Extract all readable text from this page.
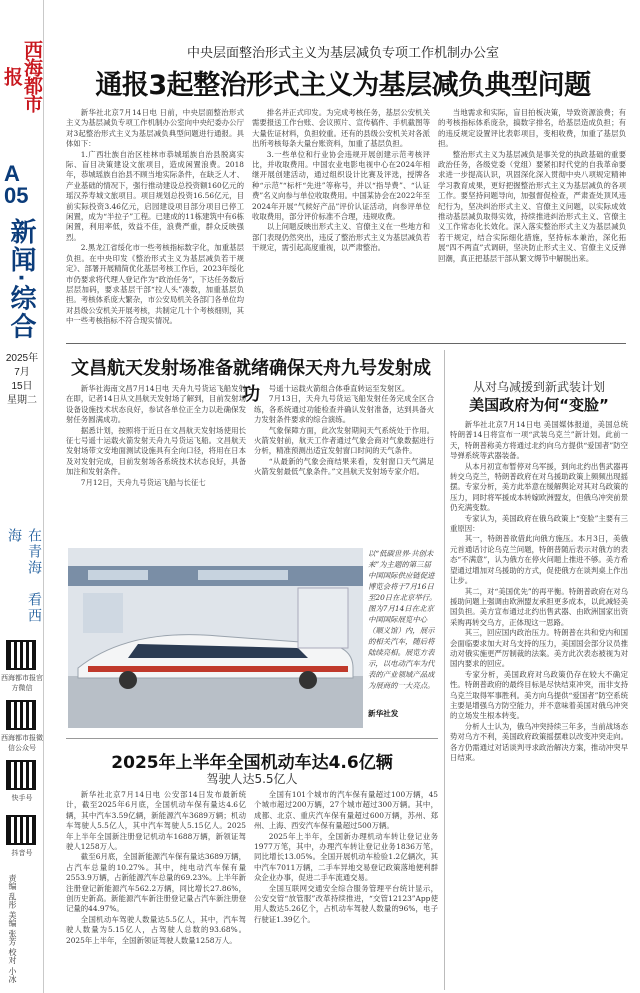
西海都市报
A 05
新闻·综合
2025年
7月
15日
星期二
在青海　看西海
西海都市报官方微信
西海都市报微信公众号
快手号
抖音号
责编 乱彤 美编 张芳 校对 小冰
中央层面整治形式主义为基层减负专项工作机制办公室
通报3起整治形式主义为基层减负典型问题

新华社北京7月14日电 日前，中央层面整治形式主义为基层减负专项工作机制办公室向中央纪委办公厅对3起整治形式主义为基层减负典型问题进行通报。具体如下：

1.广西壮族自治区桂林市恭城瑶族自治县脱离实际、盲目决策建设文旅项目，造成闲置浪费。2018年，恭城瑶族自治县不顾当地实际条件，在缺乏人才、产业基础的情况下，强行推动建设总投资额160亿元的瑶汉养寿城文旅项目。项目规划总投资16.56亿元，目前实际投资3.46亿元，启园建设项目部分项目已停工闲置，成为“半拉子”工程。已建成的11栋建筑中有6栋闲置，利用率低，效益不佳，浪费严重，群众反映强烈。

2.黑龙江省绥化市一些考核指标数字化，加重基层负担。在中央印发《整治形式主义为基层减负若干规定》、部署开展精简优化基层考核工作后，2023年绥化市仍要求将代理人登记作为“政治任务”，下达任务数后层层加码，要求基层干部“拉人头”凑数，加重基层负担。考核体系庞大繁杂，市公安局机关各部门各单位均对县级公安机关开展考核，共制定几十个考核细则，其中一些考核指标不符合现实情况。

排名并正式印发。为完成考核任务，基层公安机关需要报送工作台账、会议照片、宣传稿件、手机截图等大量佐证材料，负担较重。还有的县级公安机关对各派出所考核每条大量台账资料，加重了基层负担。

3.一些单位和行业协会违规开展创建示范考核评比，并收取费用。中国农业电影电视中心在2024年相继开展创建活动，通过组织设计比赛及评选，授牌各种“示范”“标杆“先进”等称号，并以“指导费”、“认证费”名义向参与单位收取费用。中国某协会在2022年至2024年开展“气候好产品”评价认证活动，向参评单位收取费用，部分评价标准不合理，违规收费。

以上问题反映出形式主义、官僚主义在一些地方和部门表现仍然突出，违反了整治形式主义为基层减负若干规定，需引起高度重视，以严肃整治。

当地需求和实际，盲目拍板决策，导致资源浪费；有的考核指标体系庞杂，搞数字排名，给基层造成负担；有的违反规定设置评比表彰项目，变相收费，加重了基层负担。

整治形式主义为基层减负是事关党的执政基础的重要政治任务，各级党委（党组）要紧扣时代党的自我革命要求进一步提高认识，巩固深化深入贯彻中央八项规定精神学习教育成果，更好把握整治形式主义为基层减负的各项工作。要坚持问题导向，加强督促检查，严肃查处顶风违纪行为，坚决纠治形式主义、官僚主义问题，以实际成效推动基层减负取得实效，持续推进纠治形式主义、官僚主义工作常态化长效化。深入落实整治形式主义为基层减负若干规定，结合实际细化措施，坚持标本兼治，深化拓展“四不两直”式调研，坚决防止形式主义、官僚主义反弹回潮，真正把基层干部从繁文缛节中解脱出来。

文昌航天发射场准备就绪确保天舟九号发射成功

新华社海南文昌7月14日电 天舟九号货运飞船发射在即，记者14日从文昌航天发射场了解到，目前发射场设备设施技术状态良好，参试各单位正全力以赴确保发射任务圆满成功。

据悉计划，按照将于近日在文昌航天发射场使用长征七号遥十运载火箭发射天舟九号货运飞船。文昌航天发射场带文安地面测试设施具有全向口径，将用在日本及对发射完成，目前发射场各系统技术状态良好，具备加注和发射条件。

7月12日，天舟九号货运飞船与长征七

号遥十运载火箭组合体垂直转运至发射区。

7月13日，天舟九号货运飞船发射任务完成全区合练，各系统通过功能检查并确认发射准备，达到具备火力发射条件要求的综合演练。

气象保障方面，此次发射期间天气系统处于作用。火箭发射前，航天工作者通过气象会商对气象数据进行分析，精准预测出适宜发射窗口时间的天气条件。

“从最新的气象会商结果来看，发射窗口天气满足火箭发射最低气象条件。”文昌航天发射场专家介绍。

以“低碳世界·共创未来”为主题的第三届中国国际供应链促进博览会将于7月16日至20日在北京举行。图为7月14日在北京中国国际展览中心（顺义馆）内，展示的相关汽车，随后将陆续亮相。展览方表示，以电动汽车为代表的产业领域产品成为展商的一大亮点。
新华社发
从对乌减援到新武装计划
美国政府为何“变脸”

新华社北京7月14日电 美国媒体报道，美国总统特朗普14日将宣布一项“武装乌克兰”新计划。此前一天，特朗普称美方将通过北约向乌方提供“爱国者”防空导弹系统等武器装备。

从本月初宣布暂停对乌军援，到向北约出售武器再转交乌克兰，特朗普政府在对乌援助政策上频频出现摇摆。专家分析，美方此举意在缓解舆论对其对乌政策的压力，同时将军援成本转嫁欧洲盟友，但俄乌冲突前景仍充满变数。

专家认为，美国政府在俄乌政策上“变脸”主要有三重原因：

其一，特朗普欲借此向俄方施压。本月3日，美俄元首通话讨论乌克兰问题，特朗普随后表示对俄方的表态“不满意”，认为俄方在停火问题上推进不够。美方希望通过增加对乌援助的方式，促使俄方在谈判桌上作出让步。

其二，对“美国优先”的再平衡。特朗普政府在对乌援助问题上强调由欧洲盟友承担更多成本，以此减轻美国负担。美方宣布通过北约出售武器、由欧洲国家出资采购再转交乌方，正体现这一思路。

其三，回应国内政治压力。特朗普在共和党内和国会面临要求加大对乌支持的压力，美国国会部分议员推动对俄实施更严厉制裁的法案。美方此次表态被视为对国内要求的回应。

专家分析，美国政府对乌政策仍存在较大不确定性。特朗普政府的最终目标是尽快结束冲突，而非支持乌克兰取得军事胜利。美方向乌提供“爱国者”防空系统主要是增强乌方防空能力，并不意味着美国对俄乌冲突的立场发生根本转变。

分析人士认为，俄乌冲突持续三年多，当前战场态势对乌方不利，美国政府政策摇摆难以改变冲突走向。各方仍需通过对话谈判寻求政治解决方案，推动冲突早日结束。

2025年上半年全国机动车达4.6亿辆
驾驶人达5.5亿人

新华社北京7月14日电 公安部14日发布最新统计，截至2025年6月底，全国机动车保有量达4.6亿辆，其中汽车3.59亿辆，新能源汽车3689万辆；机动车驾驶人5.5亿人，其中汽车驾驶人5.15亿人。2025年上半年全国新注册登记机动车1688万辆，新领证驾驶人1258万人。

截至6月底，全国新能源汽车保有量达3689万辆，占汽车总量的10.27%。其中，纯电动汽车保有量2553.9万辆，占新能源汽车总量的69.23%。上半年新注册登记新能源汽车562.2万辆，同比增长27.86%，创历史新高。新能源汽车新注册登记量占汽车新注册登记量的44.97%。

全国机动车驾驶人数量达5.5亿人，其中，汽车驾驶人数量为5.15亿人，占驾驶人总数的93.68%。2025年上半年，全国新领证驾驶人数量1258万人。

全国有101个城市的汽车保有量超过100万辆，45个城市超过200万辆，27个城市超过300万辆。其中，成都、北京、重庆汽车保有量超过600万辆，苏州、郑州、上海、西安汽车保有量超过500万辆。

2025年上半年，全国新办理机动车转让登记业务1977万笔，其中，办理汽车转让登记业务1836万笔，同比增长13.05%。全国开展机动车检验1.2亿辆次，其中汽车7011万辆，二手车异地交易登记政策落地便利群众企业办事，促进二手车流通交易。

全国互联网交通安全综合服务管理平台统计显示，公安交管“放管服”改革持续推进，“交管12123”App使用人数达5.26亿个，占机动车驾驶人数量的96%，电子行驶证1.39亿个。
